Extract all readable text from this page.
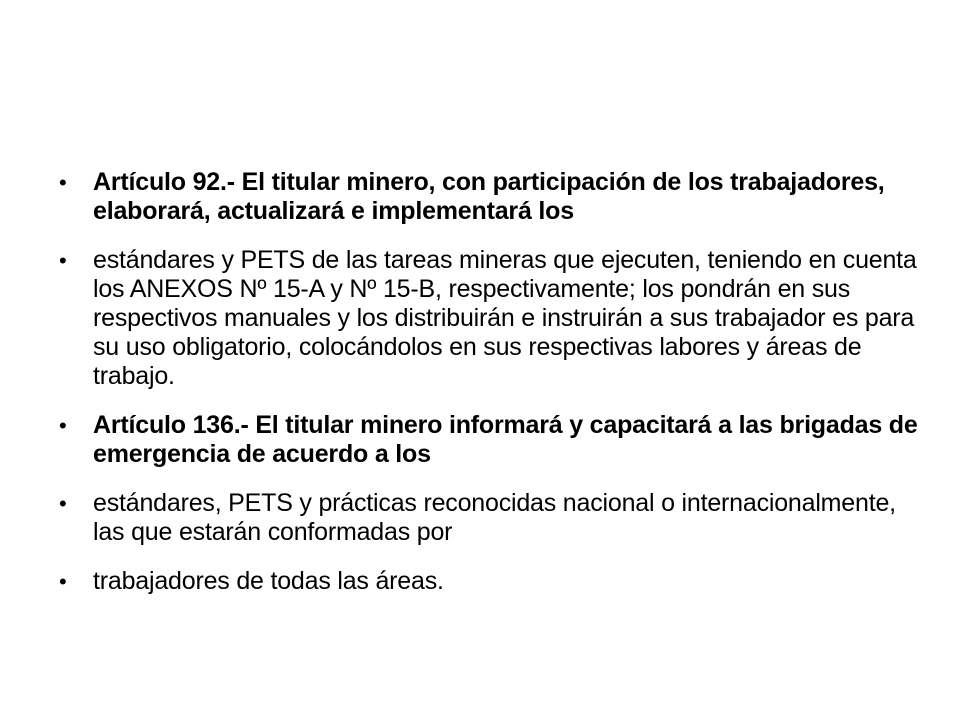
• Artículo 92.- El titular minero, con participación de los trabajadores, elaborará, actualizará e implementará los
• estándares y PETS de las tareas mineras que ejecuten, teniendo en cuenta los ANEXOS Nº 15-A y Nº 15-B, respectivamente; los pondrán en sus respectivos manuales y los distribuirán e instruirán a sus trabajador es para su uso obligatorio, colocándolos en sus respectivas labores y áreas de trabajo.
• Artículo 136.- El titular minero informará y capacitará a las brigadas de emergencia de acuerdo a los
• estándares, PETS y prácticas reconocidas nacional o internacionalmente, las que estarán conformadas por
• trabajadores de todas las áreas.
